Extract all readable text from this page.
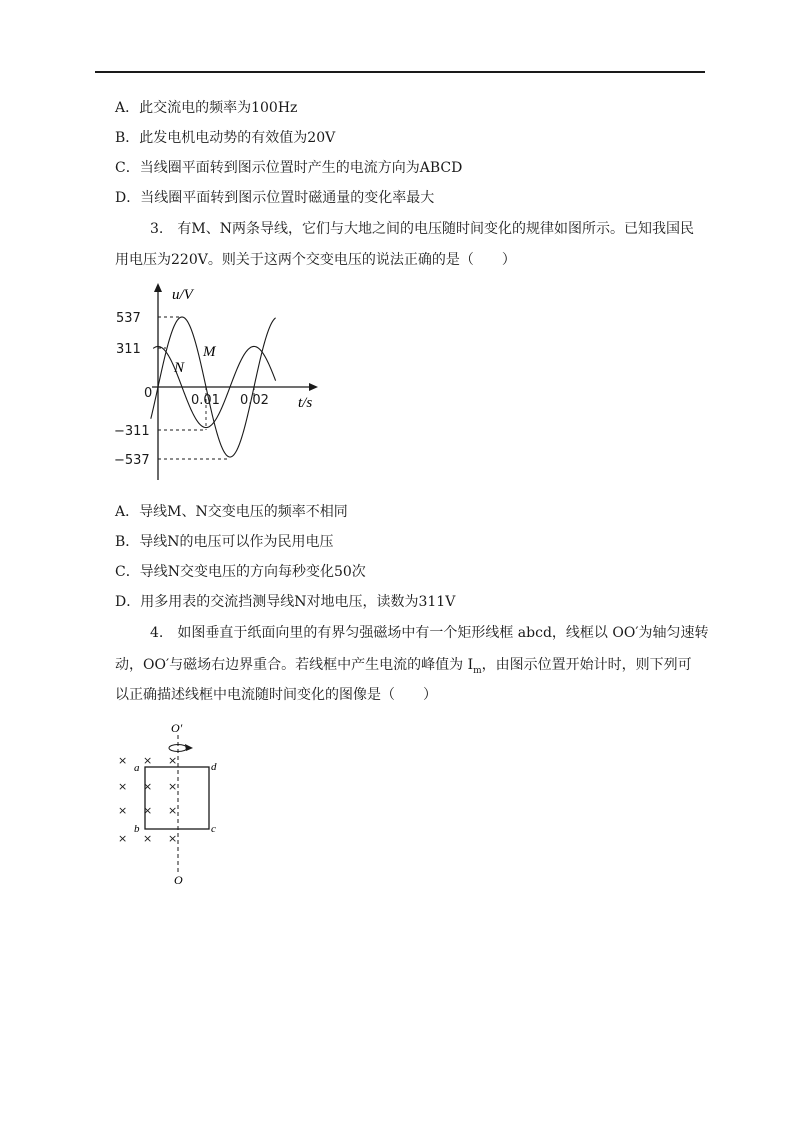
A．此交流电的频率为100Hz
B．此发电机电动势的有效值为20V
C．当线圈平面转到图示位置时产生的电流方向为ABCD
D．当线圈平面转到图示位置时磁通量的变化率最大
3.　有M、N两条导线，它们与大地之间的电压随时间变化的规律如图所示。已知我国民
用电压为220V。则关于这两个交变电压的说法正确的是（　　）
u/V
t/s
0
537
311
−311
−537
0.01 0.02
M
N
A．导线M、N交变电压的频率不相同
B．导线N的电压可以作为民用电压
C．导线N交变电压的方向每秒变化50次
D．用多用表的交流挡测导线N对地电压，读数为311V
4.　如图垂直于纸面向里的有界匀强磁场中有一个矩形线框 abcd，线框以 OO′为轴匀速转
动，OO′与磁场右边界重合。若线框中产生电流的峰值为 $I_m$，由图示位置开始计时，则下列可
以正确描述线框中电流随时间变化的图像是（　　）
× × ×
× × ×
× × ×
× × ×
O′
O
a
b	c
d
